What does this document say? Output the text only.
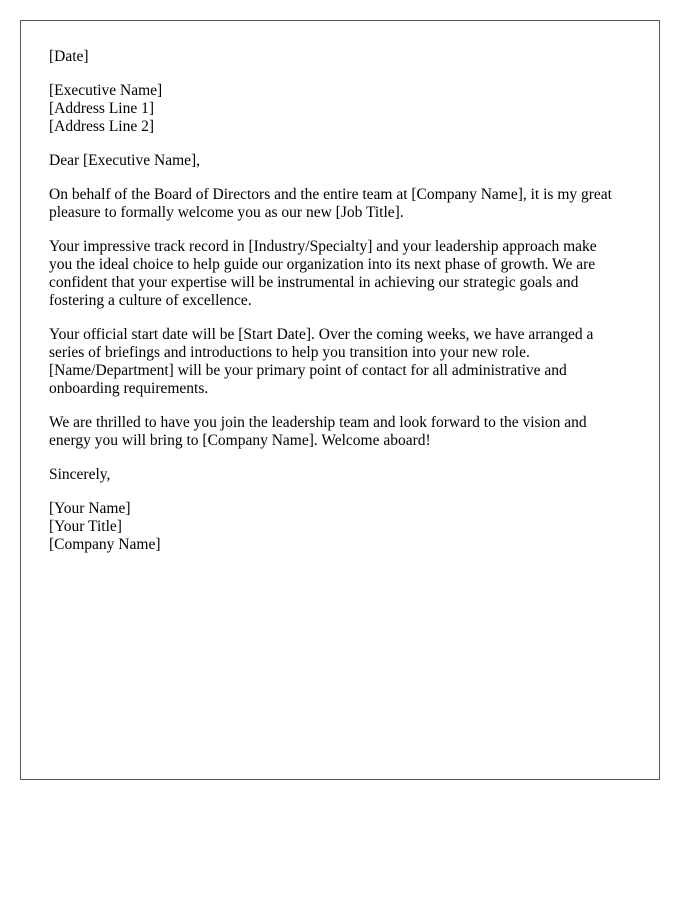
[Date]

[Executive Name]
[Address Line 1]
[Address Line 2]

Dear [Executive Name],

On behalf of the Board of Directors and the entire team at [Company Name], it is my great
pleasure to formally welcome you as our new [Job Title].
Your impressive track record in [Industry/Specialty] and your leadership approach make
you the ideal choice to help guide our organization into its next phase of growth. We are
confident that your expertise will be instrumental in achieving our strategic goals and
fostering a culture of excellence.
Your official start date will be [Start Date]. Over the coming weeks, we have arranged a
series of briefings and introductions to help you transition into your new role.
[Name/Department] will be your primary point of contact for all administrative and
onboarding requirements.
We are thrilled to have you join the leadership team and look forward to the vision and
energy you will bring to [Company Name]. Welcome aboard!

Sincerely,

[Your Name]
[Your Title]
[Company Name]
